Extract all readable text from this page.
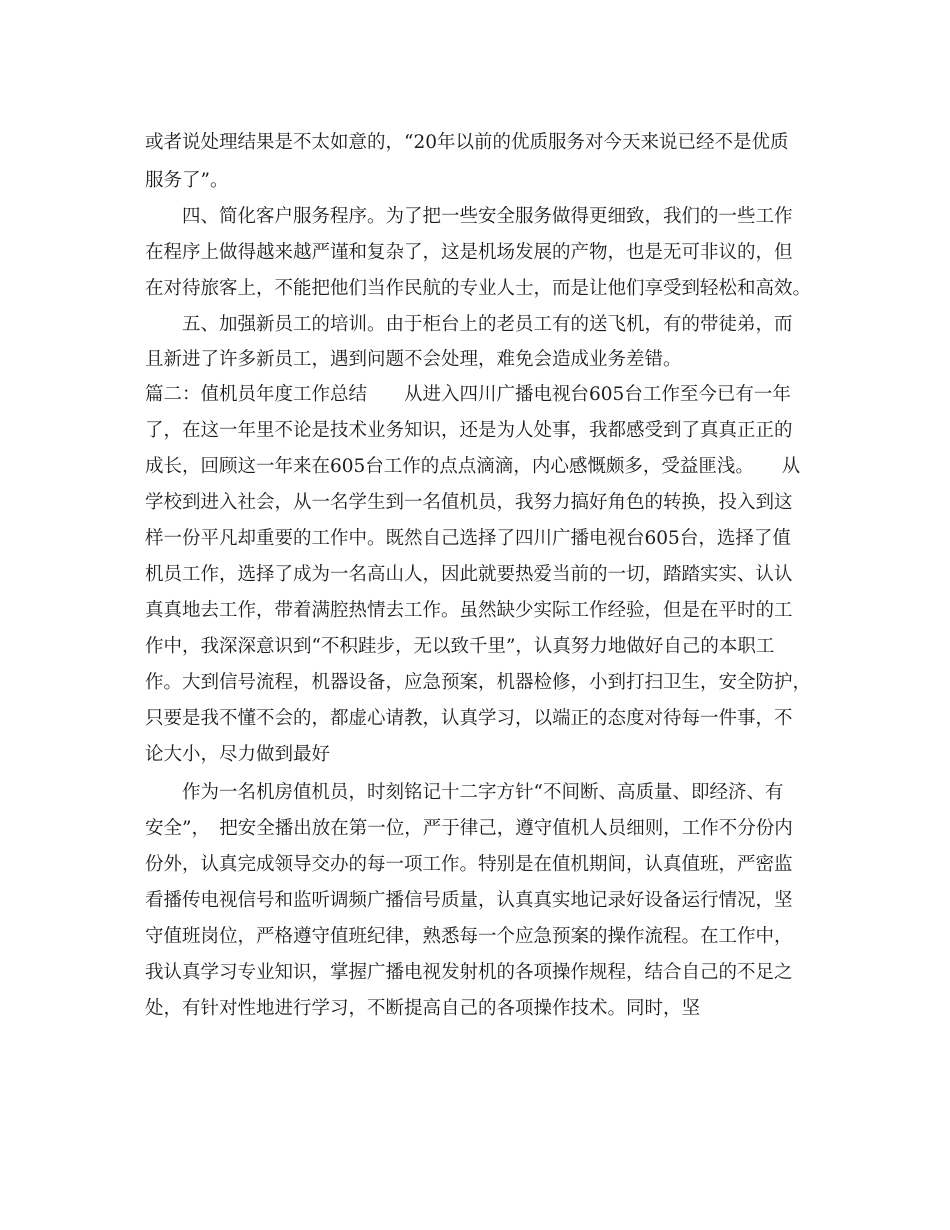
或者说处理结果是不太如意的，“20年以前的优质服务对今天来说已经不是优质
服务了”。
　　四、简化客户服务程序。为了把一些安全服务做得更细致，我们的一些工作
在程序上做得越来越严谨和复杂了，这是机场发展的产物，也是无可非议的，但
在对待旅客上，不能把他们当作民航的专业人士，而是让他们享受到轻松和高效。
　　五、加强新员工的培训。由于柜台上的老员工有的送飞机，有的带徒弟，而
且新进了许多新员工，遇到问题不会处理，难免会造成业务差错。
篇二：值机员年度工作总结　　从进入四川广播电视台605台工作至今已有一年
了，在这一年里不论是技术业务知识，还是为人处事，我都感受到了真真正正的
成长，回顾这一年来在605台工作的点点滴滴，内心感慨颇多，受益匪浅。　　从
学校到进入社会，从一名学生到一名值机员，我努力搞好角色的转换，投入到这
样一份平凡却重要的工作中。既然自己选择了四川广播电视台605台，选择了值
机员工作，选择了成为一名高山人，因此就要热爱当前的一切，踏踏实实、认认
真真地去工作，带着满腔热情去工作。虽然缺少实际工作经验，但是在平时的工
作中，我深深意识到“不积跬步，无以致千里”，认真努力地做好自己的本职工
作。大到信号流程，机器设备，应急预案，机器检修，小到打扫卫生，安全防护，
只要是我不懂不会的，都虚心请教，认真学习，以端正的态度对待每一件事，不
论大小，尽力做到最好
　　作为一名机房值机员，时刻铭记十二字方针“不间断、高质量、即经济、有
安全”，　把安全播出放在第一位，严于律己，遵守值机人员细则，工作不分份内
份外，认真完成领导交办的每一项工作。特别是在值机期间，认真值班，严密监
看播传电视信号和监听调频广播信号质量，认真真实地记录好设备运行情况，坚
守值班岗位，严格遵守值班纪律，熟悉每一个应急预案的操作流程。在工作中，
我认真学习专业知识，掌握广播电视发射机的各项操作规程，结合自己的不足之
处，有针对性地进行学习，不断提高自己的各项操作技术。同时，坚
